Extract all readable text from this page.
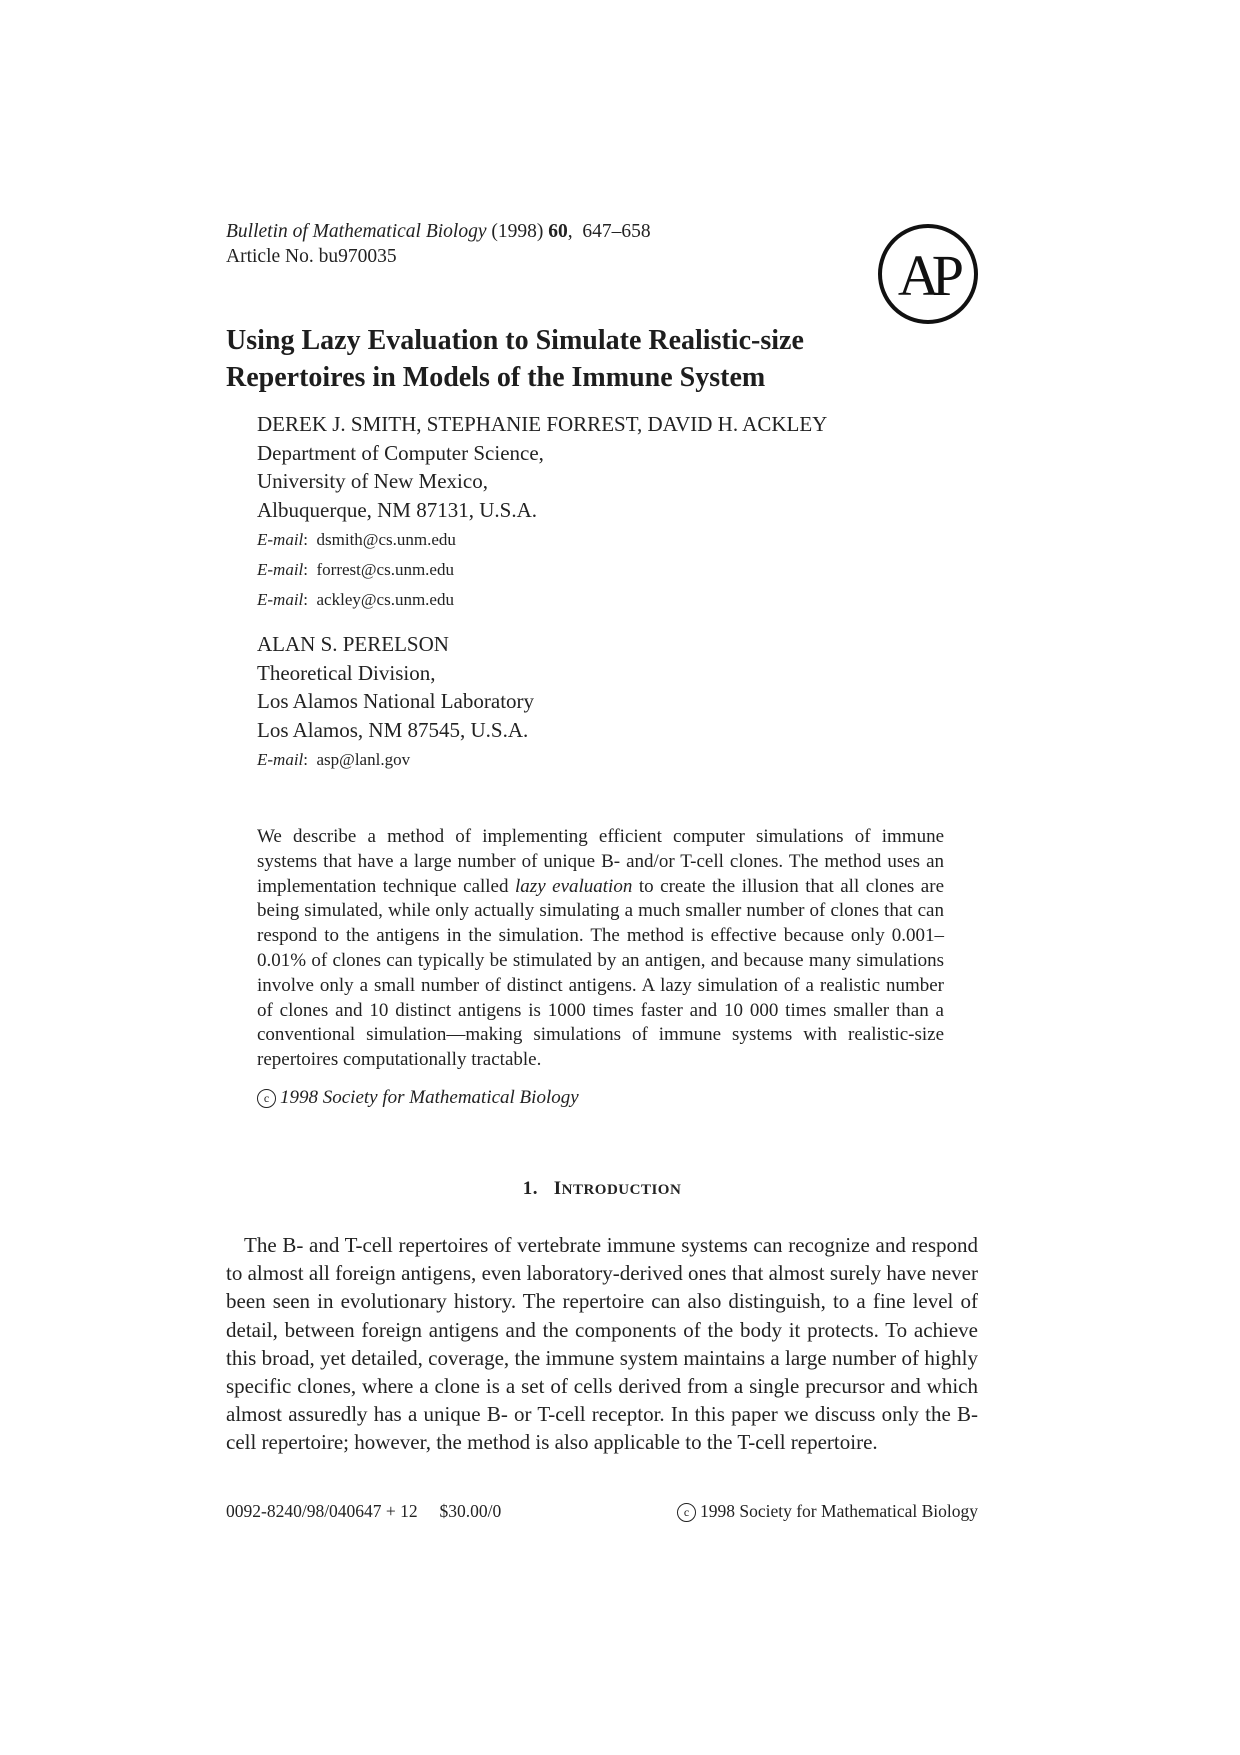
Bulletin of Mathematical Biology (1998) 60,  647–658
Article No. bu970035	AP
Using Lazy Evaluation to Simulate Realistic-size
Repertoires in Models of the Immune System
DEREK J. SMITH, STEPHANIE FORREST, DAVID H. ACKLEY
Department of Computer Science,
University of New Mexico,
Albuquerque, NM 87131, U.S.A.
E-mail:  dsmith@cs.unm.edu
E-mail:  forrest@cs.unm.edu
E-mail:  ackley@cs.unm.edu
ALAN S. PERELSON
Theoretical Division,
Los Alamos National Laboratory
Los Alamos, NM 87545, U.S.A.
E-mail:  asp@lanl.gov
We describe a method of implementing efficient computer simulations of immune systems that have a large number of unique B- and/or T-cell clones. The method uses an implementation technique called lazy evaluation to create the illusion that all clones are being simulated, while only actually simulating a much smaller number of clones that can respond to the antigens in the simulation. The method is effective because only 0.001–0.01% of clones can typically be stimulated by an antigen, and because many simulations involve only a small number of distinct antigens. A lazy simulation of a realistic number of clones and 10 distinct antigens is 1000 times faster and 10 000 times smaller than a conventional simulation—making simulations of immune systems with realistic-size repertoires computationally tractable.
c 1998 Society for Mathematical Biology
1. INTRODUCTION
The B- and T-cell repertoires of vertebrate immune systems can recognize and respond to almost all foreign antigens, even laboratory-derived ones that almost surely have never been seen in evolutionary history. The repertoire can also distinguish, to a fine level of detail, between foreign antigens and the components of the body it protects. To achieve this broad, yet detailed, coverage, the immune system maintains a large number of highly specific clones, where a clone is a set of cells derived from a single precursor and which almost assuredly has a unique B- or T-cell receptor. In this paper we discuss only the B-cell repertoire; however, the method is also applicable to the T-cell repertoire.
0092-8240/98/040647 + 12 $30.00/0	c 1998 Society for Mathematical Biology
